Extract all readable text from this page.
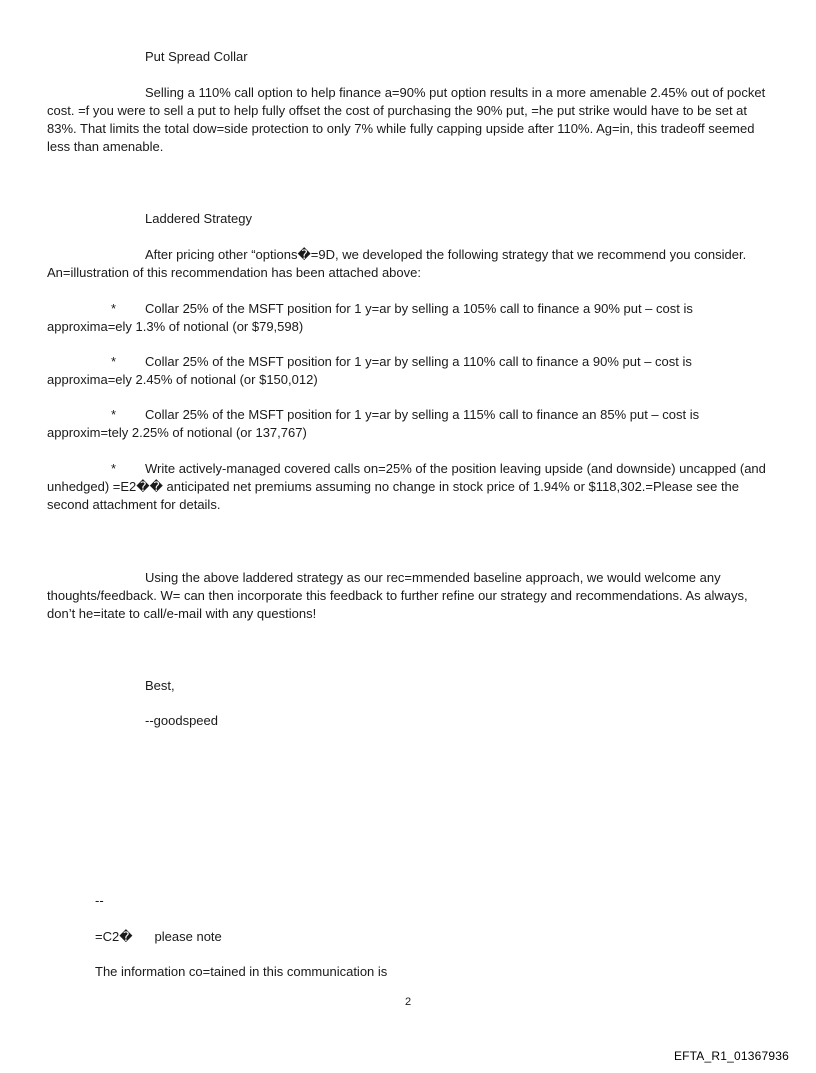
Put Spread Collar

Selling a 110% call option to help finance a=90% put option results in a more amenable 2.45% out of pocket cost. =f you were to sell a put to help fully offset the cost of purchasing the 90% put, =he put strike would have to be set at 83%. That limits the total dow=side protection to only 7% while fully capping upside after 110%. Ag=in, this tradeoff seemed less than amenable.

Laddered Strategy

After pricing other “options�=9D, we developed the following strategy that we recommend you consider. An=illustration of this recommendation has been attached above:

* Collar 25% of the MSFT position for 1 y=ar by selling a 105% call to finance a 90% put – cost is approxima=ely 1.3% of notional (or $79,598)

* Collar 25% of the MSFT position for 1 y=ar by selling a 110% call to finance a 90% put – cost is approxima=ely 2.45% of notional (or $150,012)

* Collar 25% of the MSFT position for 1 y=ar by selling a 115% call to finance an 85% put – cost is approxim=tely 2.25% of notional (or 137,767)

* Write actively-managed covered calls on=25% of the position leaving upside (and downside) uncapped (and unhedged) =E2�� anticipated net premiums assuming no change in stock price of 1.94% or $118,302.=Please see the second attachment for details.

Using the above laddered strategy as our rec=mmended baseline approach, we would welcome any thoughts/feedback. W= can then incorporate this feedback to further refine our strategy and recommendations. As always, don’t he=itate to call/e-mail with any questions!

Best,

--goodspeed

--

=C2� please note

The information co=tained in this communication is

2

EFTA_R1_01367936
